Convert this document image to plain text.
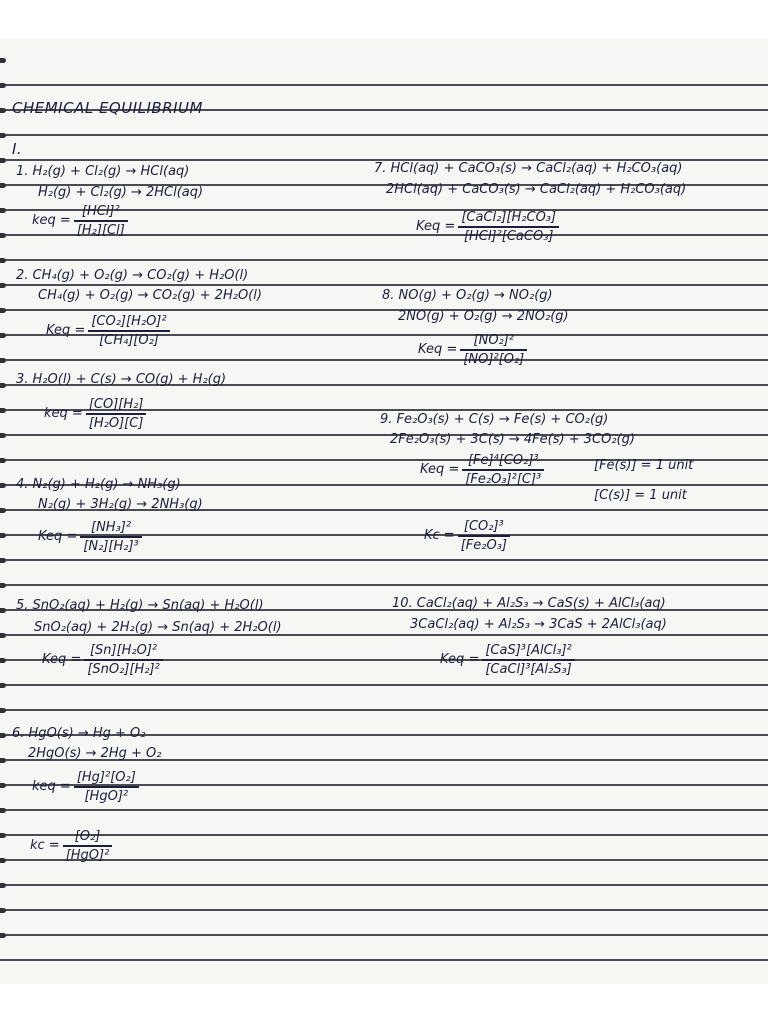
CHEMICAL EQUILIBRIUM
I.
1. H₂(g) + Cl₂(g) → HCl(aq)
H₂(g) + Cl₂(g) → 2HCl(aq)
keq = $\frac{\text{[HCl]²}}{\text{[H₂][Cl]}}$
2. CH₄(g) + O₂(g) → CO₂(g) + H₂O(l)
CH₄(g) + O₂(g) → CO₂(g) + 2H₂O(l)
Keq = $\frac{\text{[CO₂][H₂O]²}}{\text{[CH₄][O₂]}}$
3. H₂O(l) + C(s) → CO(g) + H₂(g)
keq = $\frac{\text{[CO][H₂]}}{\text{[H₂O][C]}}$
4. N₂(g) + H₂(g) → NH₃(g)
N₂(g) + 3H₂(g) → 2NH₃(g)
Keq = $\frac{\text{[NH₃]²}}{\text{[N₂][H₂]³}}$
5. SnO₂(aq) + H₂(g) → Sn(aq) + H₂O(l)
SnO₂(aq) + 2H₂(g) → Sn(aq) + 2H₂O(l)
Keq = $\frac{\text{[Sn][H₂O]²}}{\text{[SnO₂][H₂]²}}$
6. HgO(s) → Hg + O₂
2HgO(s) → 2Hg + O₂
keq = $\frac{\text{[Hg]²[O₂]}}{\text{[HgO]²}}$
kc = $\frac{\text{[O₂]}}{\text{[HgO]²}}$
7. HCl(aq) + CaCO₃(s) → CaCl₂(aq) + H₂CO₃(aq)
2HCl(aq) + CaCO₃(s) → CaCl₂(aq) + H₂CO₃(aq)
Keq = $\frac{\text{[CaCl₂][H₂CO₃]}}{\text{[HCl]²[CaCO₃]}}$
8. NO(g) + O₂(g) → NO₂(g)
2NO(g) + O₂(g) → 2NO₂(g)
Keq = $\frac{\text{[NO₂]²}}{\text{[NO]²[O₂]}}$
9. Fe₂O₃(s) + C(s) → Fe(s) + CO₂(g)
2Fe₂O₃(s) + 3C(s) → 4Fe(s) + 3CO₂(g)
Keq = $\frac{\text{[Fe]⁴[CO₂]³}}{\text{[Fe₂O₃]²[C]³}}$	[Fe(s)] = 1 unit
[C(s)] = 1 unit
$Kc = \frac{\text{[CO₂]³}}{\text{[Fe₂O₃]}}$
10. CaCl₂(aq) + Al₂S₃ → CaS(s) + AlCl₃(aq)
3CaCl₂(aq) + Al₂S₃ → 3CaS + 2AlCl₃(aq)
Keq = $\frac{\text{[CaS]³[AlCl₃]²}}{\text{[CaCl]³[Al₂S₃]}}$
